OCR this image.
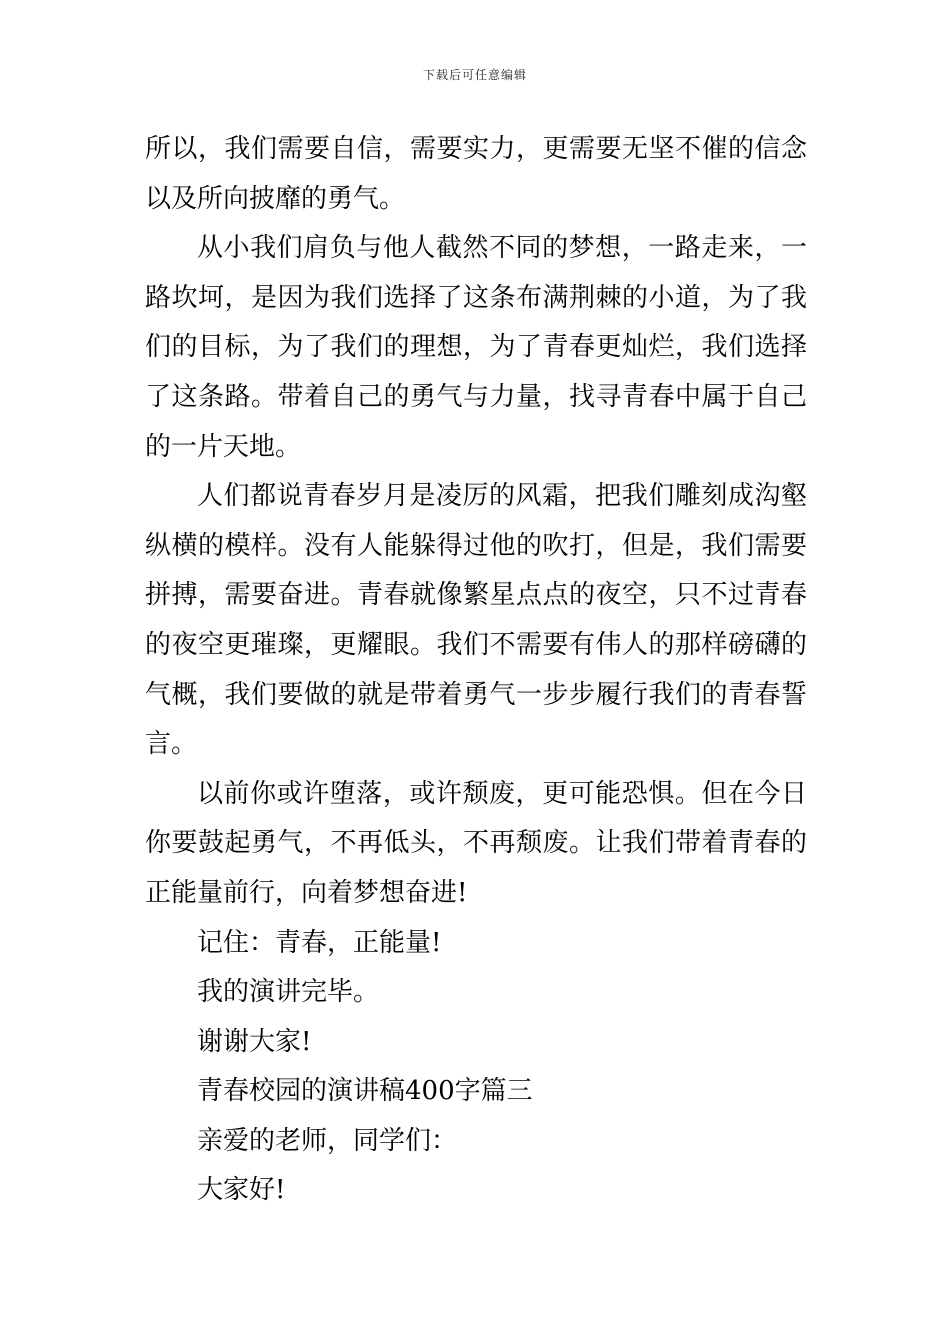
下载后可任意编辑

所以，我们需要自信，需要实力，更需要无坚不催的信念以及所向披靡的勇气。

从小我们肩负与他人截然不同的梦想，一路走来，一路坎坷，是因为我们选择了这条布满荆棘的小道，为了我们的目标，为了我们的理想，为了青春更灿烂，我们选择了这条路。带着自己的勇气与力量，找寻青春中属于自己的一片天地。

人们都说青春岁月是凌厉的风霜，把我们雕刻成沟壑纵横的模样。没有人能躲得过他的吹打，但是，我们需要拼搏，需要奋进。青春就像繁星点点的夜空，只不过青春的夜空更璀璨，更耀眼。我们不需要有伟人的那样磅礴的气概，我们要做的就是带着勇气一步步履行我们的青春誓言。

以前你或许堕落，或许颓废，更可能恐惧。但在今日你要鼓起勇气，不再低头，不再颓废。让我们带着青春的正能量前行，向着梦想奋进!

记住：青春，正能量!

我的演讲完毕。

谢谢大家!

青春校园的演讲稿400字篇三

亲爱的老师，同学们：

大家好!
